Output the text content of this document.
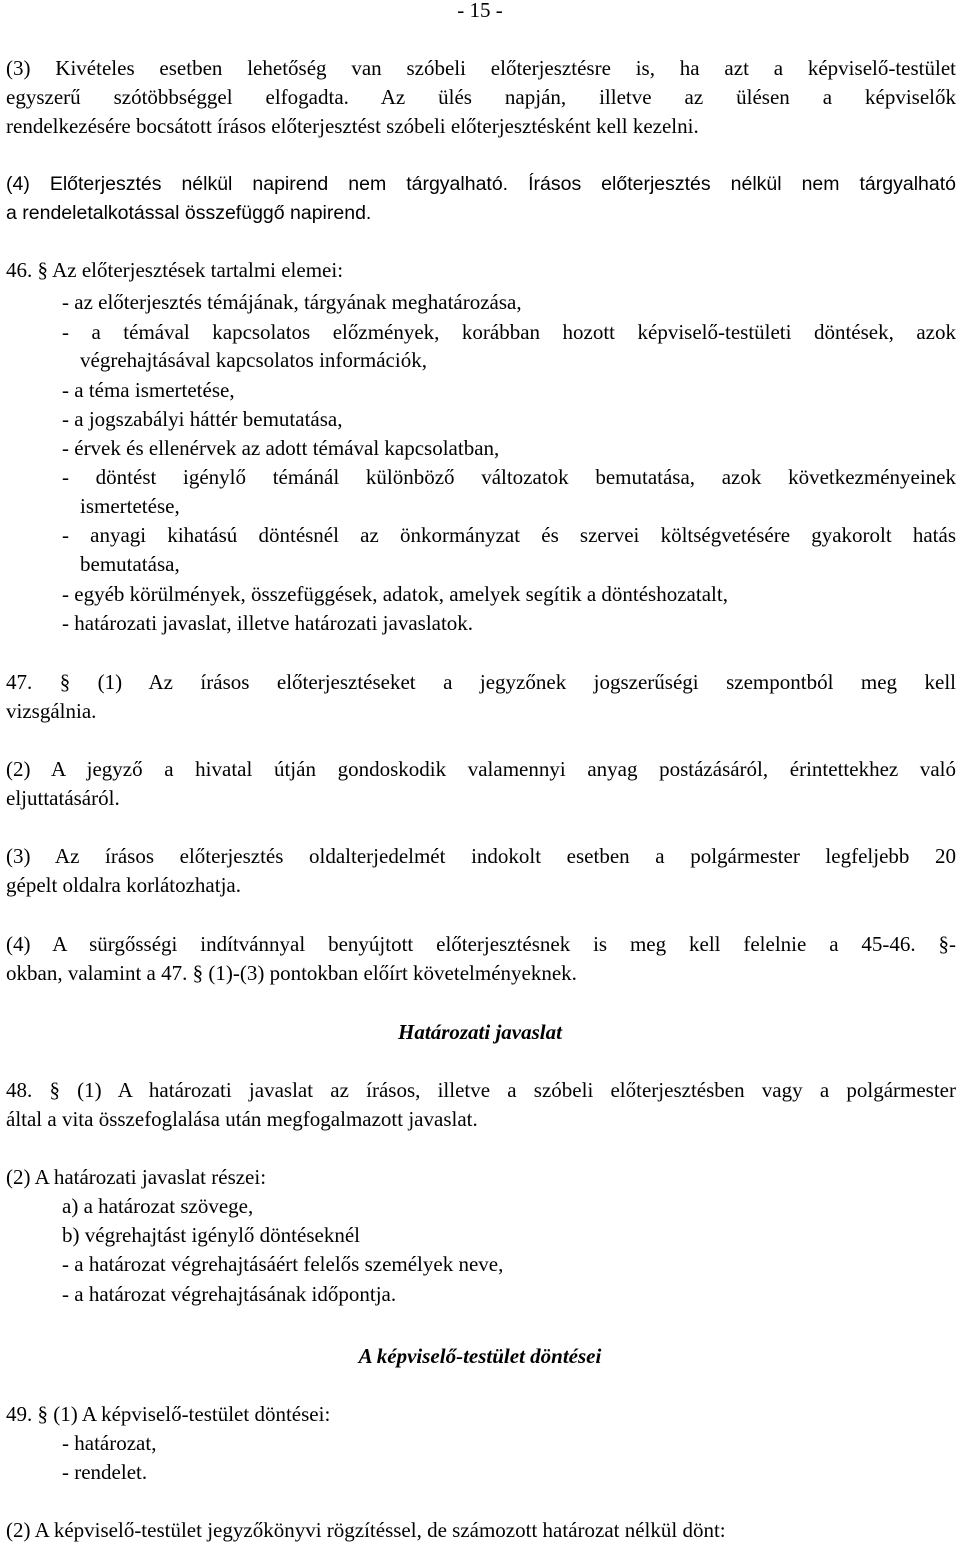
- 15 -
(3) Kivételes esetben lehetőség van szóbeli előterjesztésre is, ha azt a képviselő-testület
egyszerű szótöbbséggel elfogadta. Az ülés napján, illetve az ülésen a képviselők
rendelkezésére bocsátott írásos előterjesztést szóbeli előterjesztésként kell kezelni.
(4) Előterjesztés nélkül napirend nem tárgyalható. Írásos előterjesztés nélkül nem tárgyalható
a rendeletalkotással összefüggő napirend.
46. § Az előterjesztések tartalmi elemei:
- az előterjesztés témájának, tárgyának meghatározása,
- a témával kapcsolatos előzmények, korábban hozott képviselő-testületi döntések, azok
végrehajtásával kapcsolatos információk,
- a téma ismertetése,
- a jogszabályi háttér bemutatása,
- érvek és ellenérvek az adott témával kapcsolatban,
- döntést igénylő témánál különböző változatok bemutatása, azok következményeinek
ismertetése,
- anyagi kihatású döntésnél az önkormányzat és szervei költségvetésére gyakorolt hatás
bemutatása,
- egyéb körülmények, összefüggések, adatok, amelyek segítik a döntéshozatalt,
- határozati javaslat, illetve határozati javaslatok.
47. § (1) Az írásos előterjesztéseket a jegyzőnek jogszerűségi szempontból meg kell
vizsgálnia.
(2) A jegyző a hivatal útján gondoskodik valamennyi anyag postázásáról, érintettekhez való
eljuttatásáról.
(3) Az írásos előterjesztés oldalterjedelmét indokolt esetben a polgármester legfeljebb 20
gépelt oldalra korlátozhatja.
(4) A sürgősségi indítvánnyal benyújtott előterjesztésnek is meg kell felelnie a 45-46. §-
okban, valamint a 47. § (1)-(3) pontokban előírt követelményeknek.
Határozati javaslat
48. § (1) A határozati javaslat az írásos, illetve a szóbeli előterjesztésben vagy a polgármester
által a vita összefoglalása után megfogalmazott javaslat.
(2) A határozati javaslat részei:
a) a határozat szövege,
b) végrehajtást igénylő döntéseknél
- a határozat végrehajtásáért felelős személyek neve,
- a határozat végrehajtásának időpontja.
A képviselő-testület döntései
49. § (1) A képviselő-testület döntései:
- határozat,
- rendelet.
(2) A képviselő-testület jegyzőkönyvi rögzítéssel, de számozott határozat nélkül dönt:
